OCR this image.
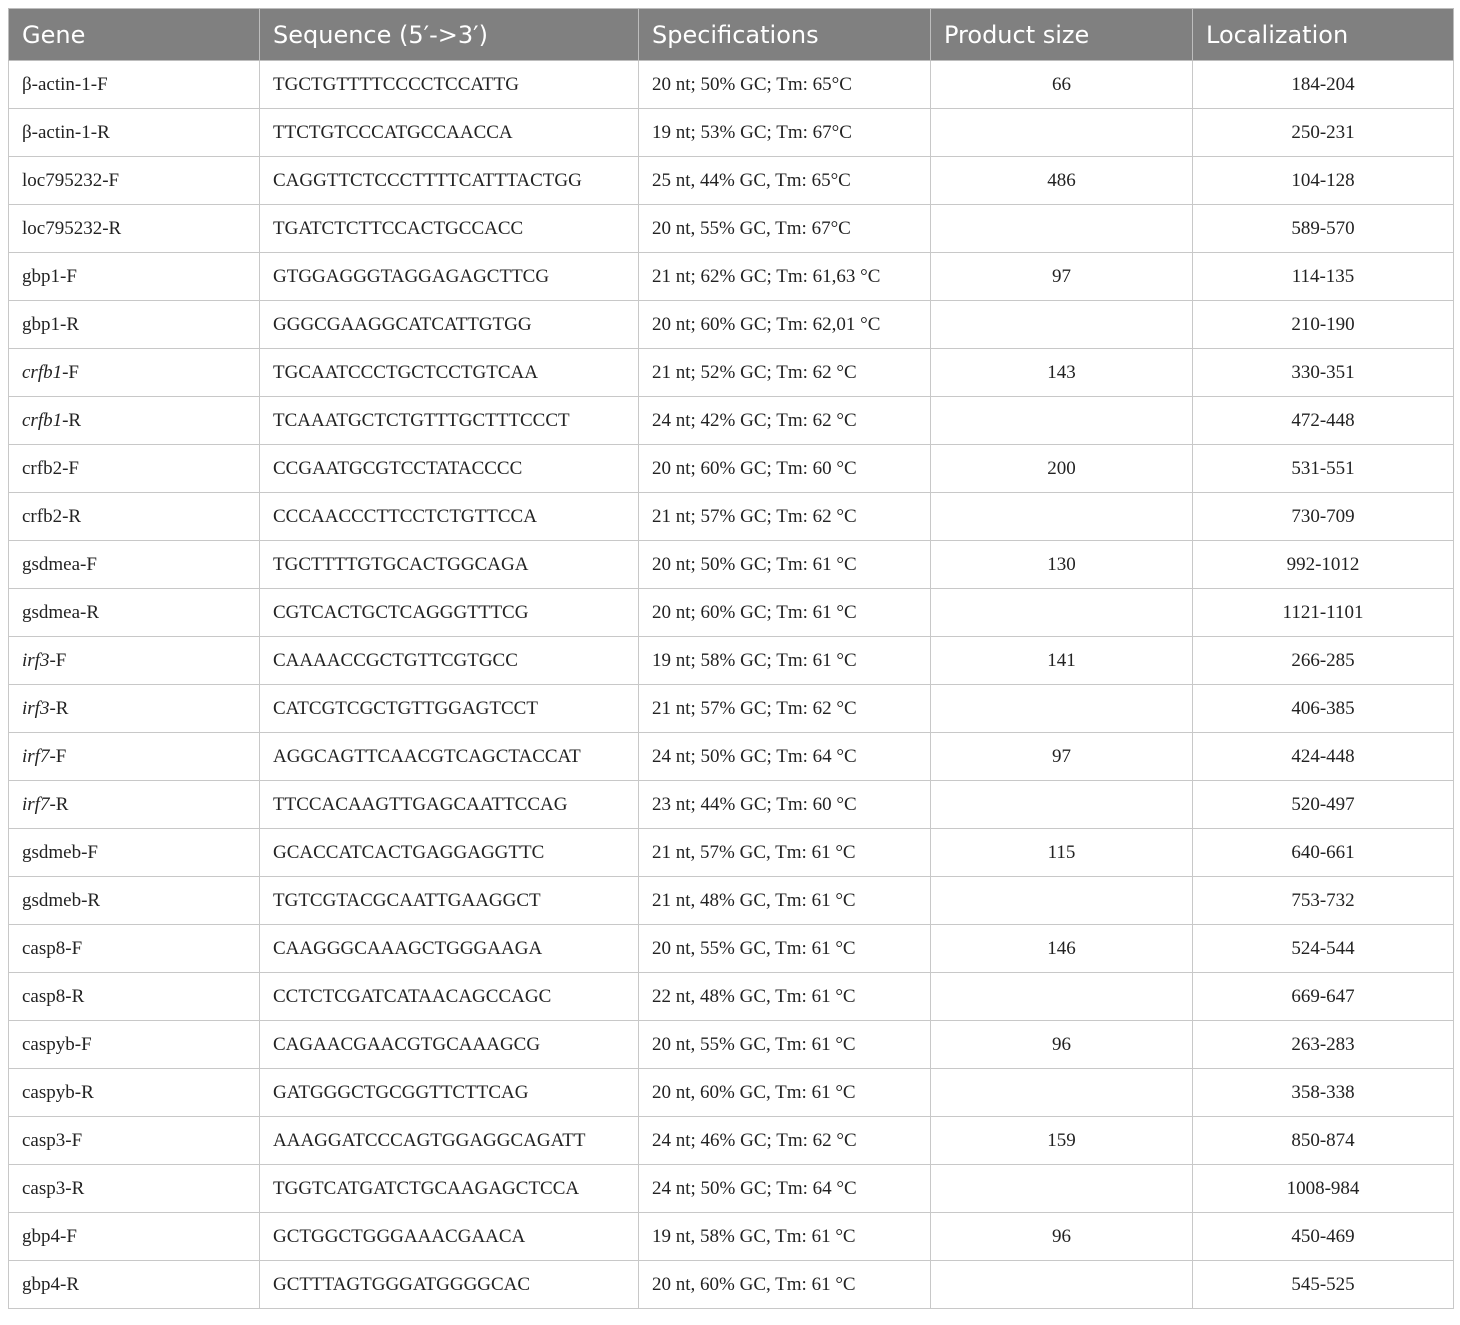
Gene	Sequence (5′->3′)	Specifications	Product size	Localization
β-actin-1-F	TGCTGTTTTCCCCTCCATTG	20 nt; 50% GC; Tm: 65°C	66	184-204
β-actin-1-R	TTCTGTCCCATGCCAACCA	19 nt; 53% GC; Tm: 67°C		250-231
loc795232-F	CAGGTTCTCCCTTTTCATTTACTGG	25 nt, 44% GC, Tm: 65°C	486	104-128
loc795232-R	TGATCTCTTCCACTGCCACC	20 nt, 55% GC, Tm: 67°C		589-570
gbp1-F	GTGGAGGGTAGGAGAGCTTCG	21 nt; 62% GC; Tm: 61,63 °C	97	114-135
gbp1-R	GGGCGAAGGCATCATTGTGG	20 nt; 60% GC; Tm: 62,01 °C		210-190
crfb1-F	TGCAATCCCTGCTCCTGTCAA	21 nt; 52% GC; Tm: 62 °C	143	330-351
crfb1-R	TCAAATGCTCTGTTTGCTTTCCCT	24 nt; 42% GC; Tm: 62 °C		472-448
crfb2-F	CCGAATGCGTCCTATACCCC	20 nt; 60% GC; Tm: 60 °C	200	531-551
crfb2-R	CCCAACCCTTCCTCTGTTCCA	21 nt; 57% GC; Tm: 62 °C		730-709
gsdmea-F	TGCTTTTGTGCACTGGCAGA	20 nt; 50% GC; Tm: 61 °C	130	992-1012
gsdmea-R	CGTCACTGCTCAGGGTTTCG	20 nt; 60% GC; Tm: 61 °C		1121-1101
irf3-F	CAAAACCGCTGTTCGTGCC	19 nt; 58% GC; Tm: 61 °C	141	266-285
irf3-R	CATCGTCGCTGTTGGAGTCCT	21 nt; 57% GC; Tm: 62 °C		406-385
irf7-F	AGGCAGTTCAACGTCAGCTACCAT	24 nt; 50% GC; Tm: 64 °C	97	424-448
irf7-R	TTCCACAAGTTGAGCAATTCCAG	23 nt; 44% GC; Tm: 60 °C		520-497
gsdmeb-F	GCACCATCACTGAGGAGGTTC	21 nt, 57% GC, Tm: 61 °C	115	640-661
gsdmeb-R	TGTCGTACGCAATTGAAGGCT	21 nt, 48% GC, Tm: 61 °C		753-732
casp8-F	CAAGGGCAAAGCTGGGAAGA	20 nt, 55% GC, Tm: 61 °C	146	524-544
casp8-R	CCTCTCGATCATAACAGCCAGC	22 nt, 48% GC, Tm: 61 °C		669-647
caspyb-F	CAGAACGAACGTGCAAAGCG	20 nt, 55% GC, Tm: 61 °C	96	263-283
caspyb-R	GATGGGCTGCGGTTCTTCAG	20 nt, 60% GC, Tm: 61 °C		358-338
casp3-F	AAAGGATCCCAGTGGAGGCAGATT	24 nt; 46% GC; Tm: 62 °C	159	850-874
casp3-R	TGGTCATGATCTGCAAGAGCTCCA	24 nt; 50% GC; Tm: 64 °C		1008-984
gbp4-F	GCTGGCTGGGAAACGAACA	19 nt, 58% GC, Tm: 61 °C	96	450-469
gbp4-R	GCTTTAGTGGGATGGGGCAC	20 nt, 60% GC, Tm: 61 °C		545-525
